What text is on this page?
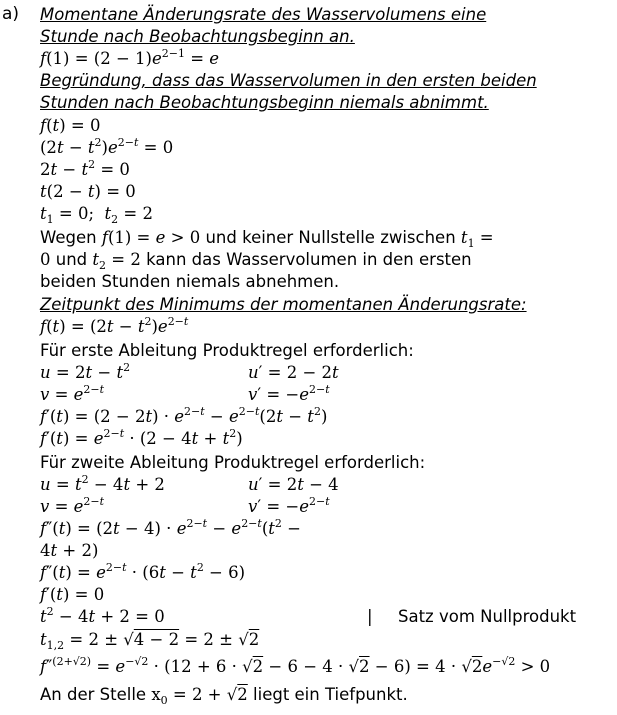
a) Momentane Änderungsrate des Wasservolumens eine
Stunde nach Beobachtungsbeginn an.
$f(1) = (2 - 1)e^{2-1} = e$
Begründung, dass das Wasservolumen in den ersten beiden
Stunden nach Beobachtungsbeginn niemals abnimmt.
f(t) = 0
$(2t - t^2)e^{2-t} = 0$
$2t - t^2 = 0$
t(2 − t) = 0
$t_1 = 0$;  $t_2 = 2$
Wegen f(1) = e > 0 und keiner Nullstelle zwischen $t_1$ =
0 und $t_2 = 2$ kann das Wasservolumen in den ersten
beiden Stunden niemals abnehmen.
Zeitpunkt des Minimums der momentanen Änderungsrate:
$f(t) = (2t - t^2)e^{2-t}$
Für erste Ableitung Produktregel erforderlich:
$u = 2t - t^2$	u′ = 2 − 2t
$v = e^{2-t}$	$v' = -e^{2-t}$
$f'(t) = (2 - 2t) \cdot e^{2-t} - e^{2-t}(2t - t^2)$
$f'(t) = e^{2-t} \cdot (2 - 4t + t^2)$
Für zweite Ableitung Produktregel erforderlich:
$u = t^2 - 4t + 2$	u′ = 2t − 4
$v = e^{2-t}$	$v' = -e^{2-t}$
$f''(t) = (2t - 4) \cdot e^{2-t} - e^{2-t}(t^2$ −
4t + 2)
$f''(t) = e^{2-t} \cdot (6t - t^2 - 6)$
f′(t) = 0
$t^2 - 4t + 2 = 0$	| Satz vom Nullprodukt
$t_{1,2} = 2 \pm √4 - 2 = 2 \pm √2$
$f''^{(2+√2)} = e^{-√2} \cdot (12 + 6 \cdot √2 - 6 - 4 \cdot √2 - 6) = 4 \cdot √2e^{-√2} > 0$
An der Stelle $x_0 = 2 + √2$ liegt ein Tiefpunkt.
